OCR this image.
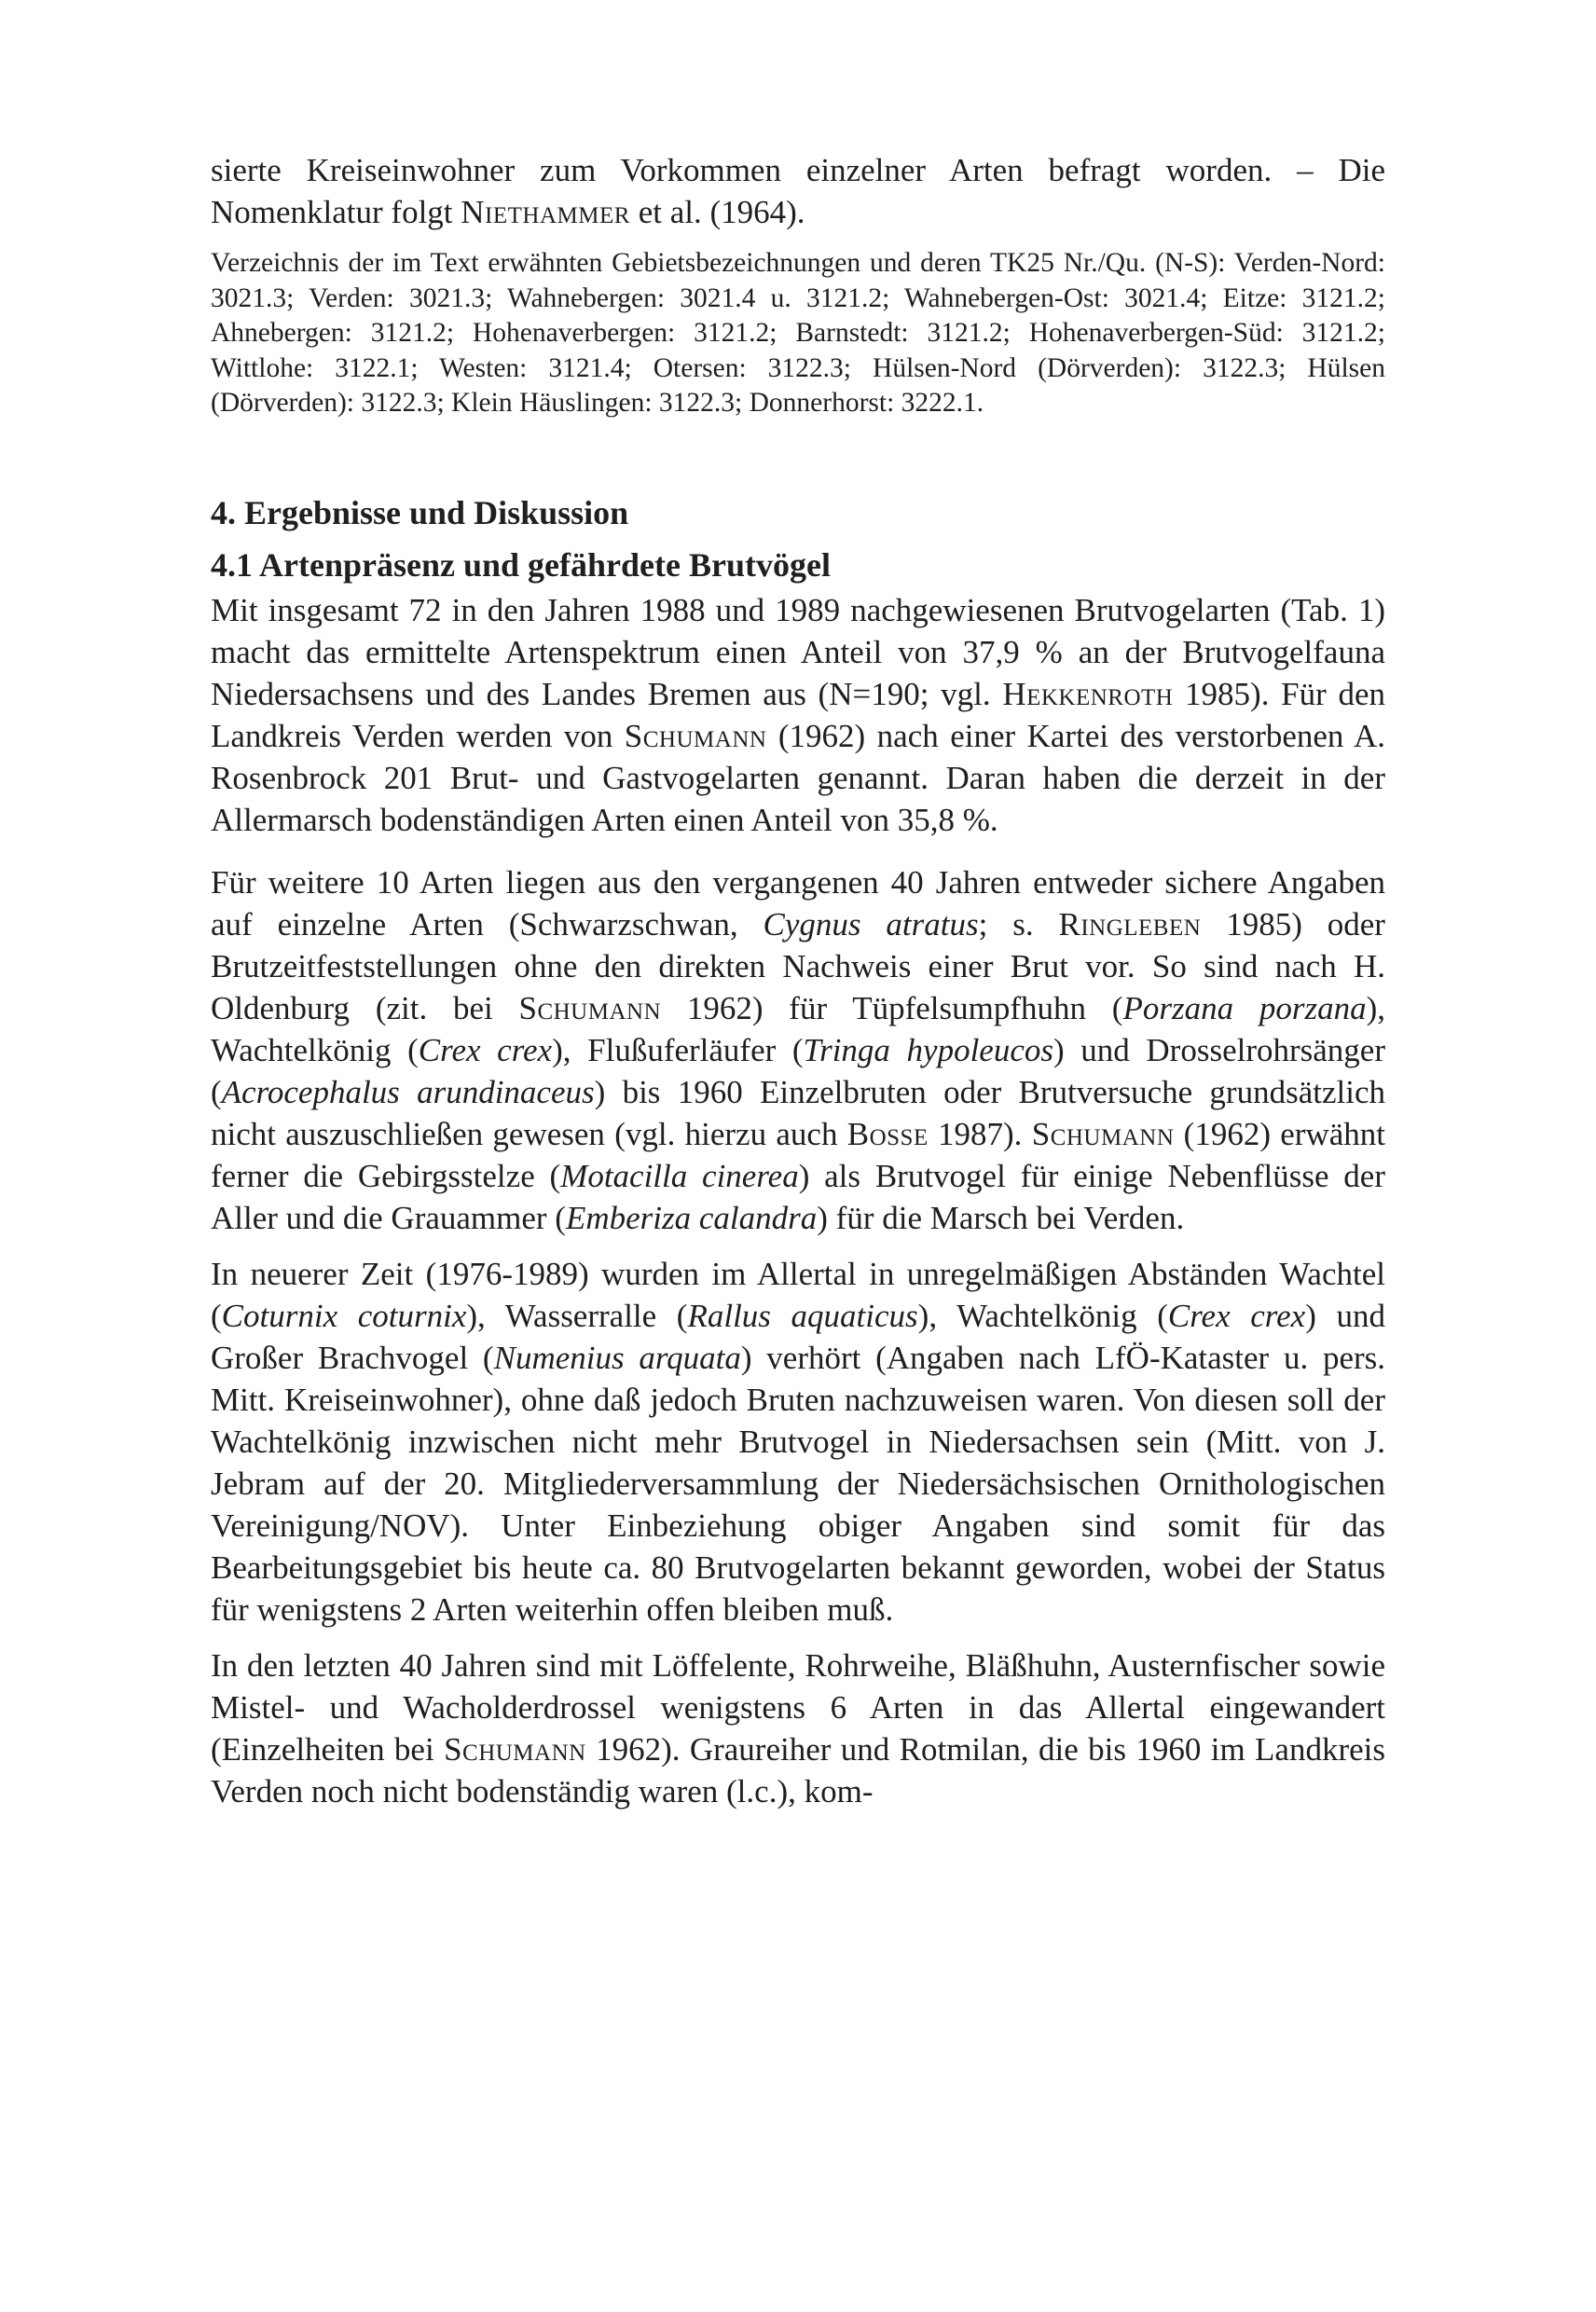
sierte Kreiseinwohner zum Vorkommen einzelner Arten befragt worden. – Die Nomenklatur folgt Niethammer et al. (1964).

Verzeichnis der im Text erwähnten Gebietsbezeichnungen und deren TK25 Nr./Qu. (N-S): Verden-Nord: 3021.3; Verden: 3021.3; Wahnebergen: 3021.4 u. 3121.2; Wahnebergen-Ost: 3021.4; Eitze: 3121.2; Ahnebergen: 3121.2; Hohenaverbergen: 3121.2; Barnstedt: 3121.2; Hohenaverbergen-Süd: 3121.2; Wittlohe: 3122.1; Westen: 3121.4; Otersen: 3122.3; Hülsen-Nord (Dörverden): 3122.3; Hülsen (Dörverden): 3122.3; Klein Häuslingen: 3122.3; Donnerhorst: 3222.1.

4. Ergebnisse und Diskussion
4.1 Artenpräsenz und gefährdete Brutvögel

Mit insgesamt 72 in den Jahren 1988 und 1989 nachgewiesenen Brutvogelarten (Tab. 1) macht das ermittelte Artenspektrum einen Anteil von 37,9 % an der Brutvogelfauna Niedersachsens und des Landes Bremen aus (N=190; vgl. Hekkenroth 1985). Für den Landkreis Verden werden von Schumann (1962) nach einer Kartei des verstorbenen A. Rosenbrock 201 Brut- und Gastvogelarten genannt. Daran haben die derzeit in der Allermarsch bodenständigen Arten einen Anteil von 35,8 %.

Für weitere 10 Arten liegen aus den vergangenen 40 Jahren entweder sichere Angaben auf einzelne Arten (Schwarzschwan, Cygnus atratus; s. Ringleben 1985) oder Brutzeitfeststellungen ohne den direkten Nachweis einer Brut vor. So sind nach H. Oldenburg (zit. bei Schumann 1962) für Tüpfelsumpfhuhn (Porzana porzana), Wachtelkönig (Crex crex), Flußuferläufer (Tringa hypoleucos) und Drosselrohrsänger (Acrocephalus arundinaceus) bis 1960 Einzelbruten oder Brutversuche grundsätzlich nicht auszuschließen gewesen (vgl. hierzu auch Bosse 1987). Schumann (1962) erwähnt ferner die Gebirgsstelze (Motacilla cinerea) als Brutvogel für einige Nebenflüsse der Aller und die Grauammer (Emberiza calandra) für die Marsch bei Verden.

In neuerer Zeit (1976-1989) wurden im Allertal in unregelmäßigen Abständen Wachtel (Coturnix coturnix), Wasserralle (Rallus aquaticus), Wachtelkönig (Crex crex) und Großer Brachvogel (Numenius arquata) verhört (Angaben nach LfÖ-Kataster u. pers. Mitt. Kreiseinwohner), ohne daß jedoch Bruten nachzuweisen waren. Von diesen soll der Wachtelkönig inzwischen nicht mehr Brutvogel in Niedersachsen sein (Mitt. von J. Jebram auf der 20. Mitgliederversammlung der Niedersächsischen Ornithologischen Vereinigung/NOV). Unter Einbeziehung obiger Angaben sind somit für das Bearbeitungsgebiet bis heute ca. 80 Brutvogelarten bekannt geworden, wobei der Status für wenigstens 2 Arten weiterhin offen bleiben muß.

In den letzten 40 Jahren sind mit Löffelente, Rohrweihe, Bläßhuhn, Austernfischer sowie Mistel- und Wacholderdrossel wenigstens 6 Arten in das Allertal eingewandert (Einzelheiten bei Schumann 1962). Graureiher und Rotmilan, die bis 1960 im Landkreis Verden noch nicht bodenständig waren (l.c.), kom-
